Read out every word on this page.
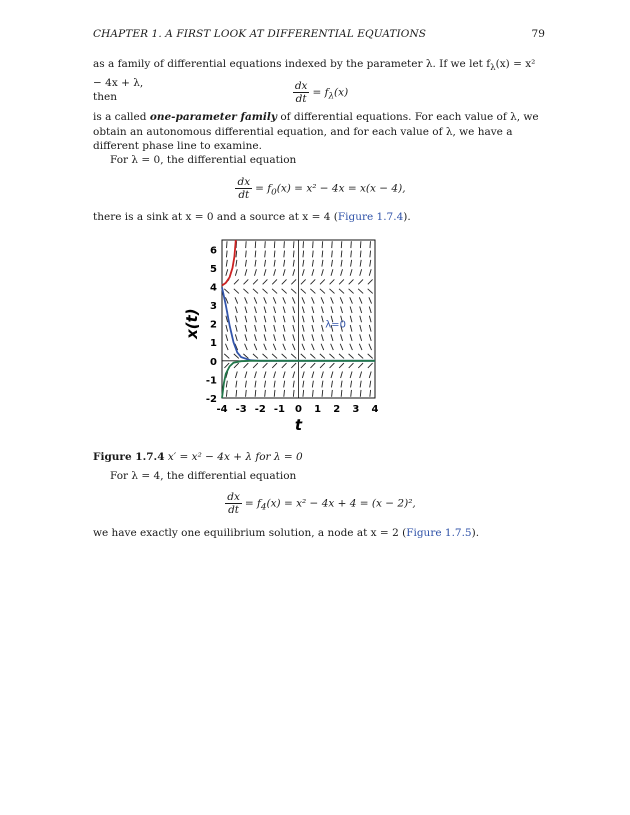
CHAPTER 1. A FIRST LOOK AT DIFFERENTIAL EQUATIONS	79
as a family of differential equations indexed by the parameter λ. If we let $f_\lambda(x) = x^2 - 4x + \lambda$,
then	$\frac{dx}{dt} = f_\lambda(x)$
is a called one-parameter family of differential equations. For each value of λ, we obtain an autonomous differential equation, and for each value of λ, we have a different phase line to examine.
For λ = 0, the differential equation
$\frac{dx}{dt} = f_0(x) = x^2 - 4x = x(x - 4)$,
there is a sink at x = 0 and a source at x = 4 (Figure 1.7.4).
-4 -3 -2 -1 0 1 2 3 4
-2
-1
0
1
2
3
4
5
6
λ=0
t
x(t)
Figure 1.7.4 x′ = x² − 4x + λ for λ = 0
For λ = 4, the differential equation
$\frac{dx}{dt} = f_4(x) = x^2 - 4x + 4 = (x - 2)^2$,
we have exactly one equilibrium solution, a node at x = 2 (Figure 1.7.5).
